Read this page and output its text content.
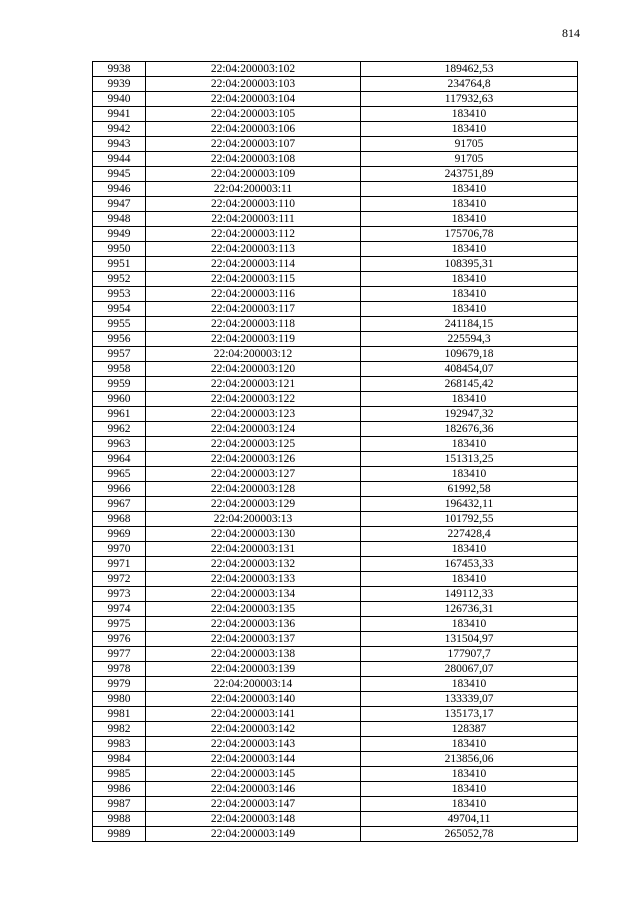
814
9938	22:04:200003:102	189462,53
9939	22:04:200003:103	234764,8
9940	22:04:200003:104	117932,63
9941	22:04:200003:105	183410
9942	22:04:200003:106	183410
9943	22:04:200003:107	91705
9944	22:04:200003:108	91705
9945	22:04:200003:109	243751,89
9946	22:04:200003:11	183410
9947	22:04:200003:110	183410
9948	22:04:200003:111	183410
9949	22:04:200003:112	175706,78
9950	22:04:200003:113	183410
9951	22:04:200003:114	108395,31
9952	22:04:200003:115	183410
9953	22:04:200003:116	183410
9954	22:04:200003:117	183410
9955	22:04:200003:118	241184,15
9956	22:04:200003:119	225594,3
9957	22:04:200003:12	109679,18
9958	22:04:200003:120	408454,07
9959	22:04:200003:121	268145,42
9960	22:04:200003:122	183410
9961	22:04:200003:123	192947,32
9962	22:04:200003:124	182676,36
9963	22:04:200003:125	183410
9964	22:04:200003:126	151313,25
9965	22:04:200003:127	183410
9966	22:04:200003:128	61992,58
9967	22:04:200003:129	196432,11
9968	22:04:200003:13	101792,55
9969	22:04:200003:130	227428,4
9970	22:04:200003:131	183410
9971	22:04:200003:132	167453,33
9972	22:04:200003:133	183410
9973	22:04:200003:134	149112,33
9974	22:04:200003:135	126736,31
9975	22:04:200003:136	183410
9976	22:04:200003:137	131504,97
9977	22:04:200003:138	177907,7
9978	22:04:200003:139	280067,07
9979	22:04:200003:14	183410
9980	22:04:200003:140	133339,07
9981	22:04:200003:141	135173,17
9982	22:04:200003:142	128387
9983	22:04:200003:143	183410
9984	22:04:200003:144	213856,06
9985	22:04:200003:145	183410
9986	22:04:200003:146	183410
9987	22:04:200003:147	183410
9988	22:04:200003:148	49704,11
9989	22:04:200003:149	265052,78
